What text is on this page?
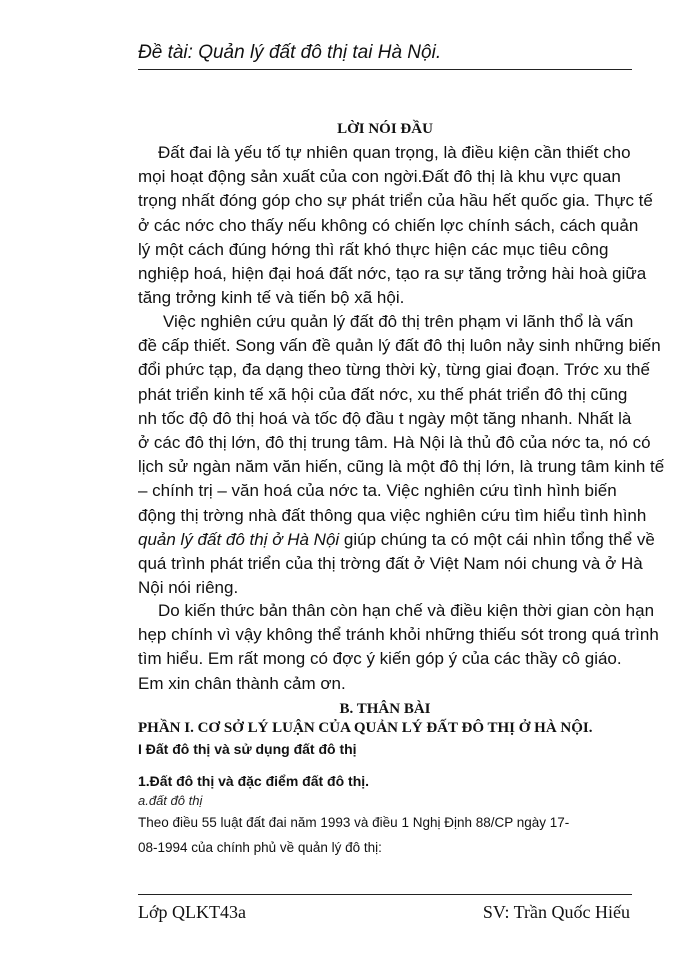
Đề tài: Quản lý đất đô thị tai Hà Nội.
LỜI NÓI ĐẦU
Đất đai là yếu tố tự nhiên quan trọng, là điều kiện cần thiết cho
mọi hoạt động sản xuất của con ngời.Đất đô thị là khu vực quan
trọng nhất đóng góp cho sự phát triển của hầu hết quốc gia. Thực tế
ở các nớc cho thấy nếu không có chiến lợc chính sách, cách quản
lý một cách đúng hớng thì rất khó thực hiện các mục tiêu công
nghiệp hoá, hiện đại hoá đất nớc, tạo ra sự tăng trởng hài hoà giữa
tăng trởng kinh tế và tiến bộ xã hội.
Việc nghiên cứu quản lý đất đô thị trên phạm vi lãnh thổ là vấn
đề cấp thiết. Song vấn đề quản lý đất đô thị luôn nảy sinh những biến
đổi phức tạp, đa dạng theo từng thời kỳ, từng giai đoạn. Trớc xu thế
phát triển kinh tế xã hội của đất nớc, xu thế phát triển đô thị cũng
nh tốc độ đô thị hoá và tốc độ đầu t ngày một tăng nhanh. Nhất là
ở các đô thị lớn, đô thị trung tâm. Hà Nội là thủ đô của nớc ta, nó có
lịch sử ngàn năm văn hiến, cũng là một đô thị lớn, là trung tâm kinh tế
– chính trị – văn hoá của nớc ta. Việc nghiên cứu tình hình biến
động thị trờng nhà đất thông qua việc nghiên cứu tìm hiểu tình hình
quản lý đất đô thị ở Hà Nội giúp chúng ta có một cái nhìn tổng thể về
quá trình phát triển của thị trờng đất ở Việt Nam nói chung và ở Hà
Nội nói riêng.
Do kiến thức bản thân còn hạn chế và điều kiện thời gian còn hạn
hẹp chính vì vậy không thể tránh khỏi những thiếu sót trong quá trình
tìm hiểu. Em rất mong có đợc ý kiến góp ý của các thầy cô giáo.
Em xin chân thành cảm ơn.
B. THÂN BÀI
PHẦN I. CƠ SỞ LÝ LUẬN CỦA QUẢN LÝ ĐẤT ĐÔ THỊ Ở HÀ NỘI.
I Đất đô thị và sử dụng đất đô thị
1.Đất đô thị và đặc điểm đất đô thị.
a.đất đô thị
Theo điều 55 luật đất đai năm 1993 và điều 1 Nghị Định 88/CP ngày 17-
08-1994 của chính phủ về quản lý đô thị:
Lớp QLKT43a	SV: Trần Quốc Hiếu
